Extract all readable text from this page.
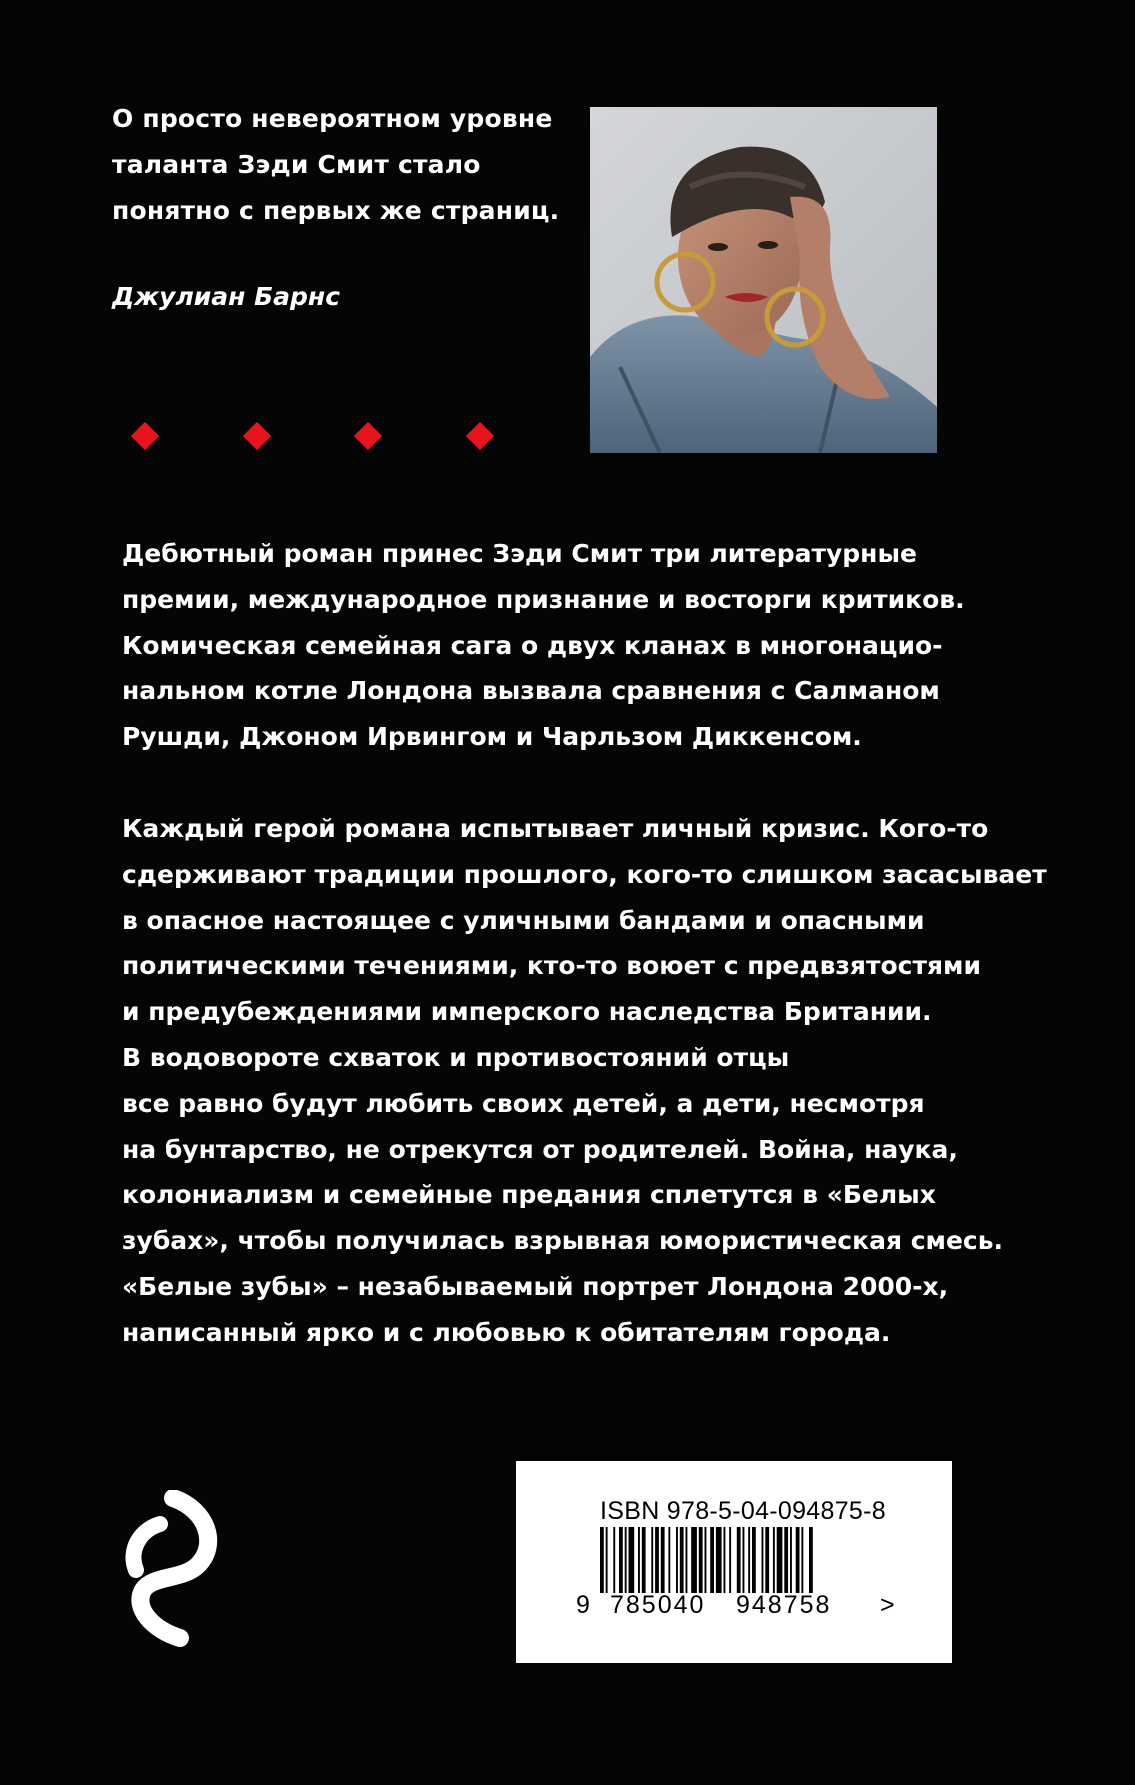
О просто невероятном уровне
таланта Зэди Смит стало
понятно с первых же страниц.
Джулиан Барнс
Дебютный роман принес Зэди Смит три литературные
премии, международное признание и восторги критиков.
Комическая семейная сага о двух кланах в многонацио-
нальном котле Лондона вызвала сравнения с Салманом
Рушди, Джоном Ирвингом и Чарльзом Диккенсом.
Каждый герой романа испытывает личный кризис. Кого-то
сдерживают традиции прошлого, кого-то слишком засасывает
в опасное настоящее с уличными бандами и опасными
политическими течениями, кто-то воюет с предвзятостями
и предубеждениями имперского наследства Британии.
В водовороте схваток и противостояний отцы
все равно будут любить своих детей, а дети, несмотря
на бунтарство, не отрекутся от родителей. Война, наука,
колониализм и семейные предания сплетутся в «Белых
зубах», чтобы получилась взрывная юмористическая смесь.
«Белые зубы» – незабываемый портрет Лондона 2000-х,
написанный ярко и с любовью к обитателям города.
ISBN 978-5-04-094875-8
9 785040 948758 >
